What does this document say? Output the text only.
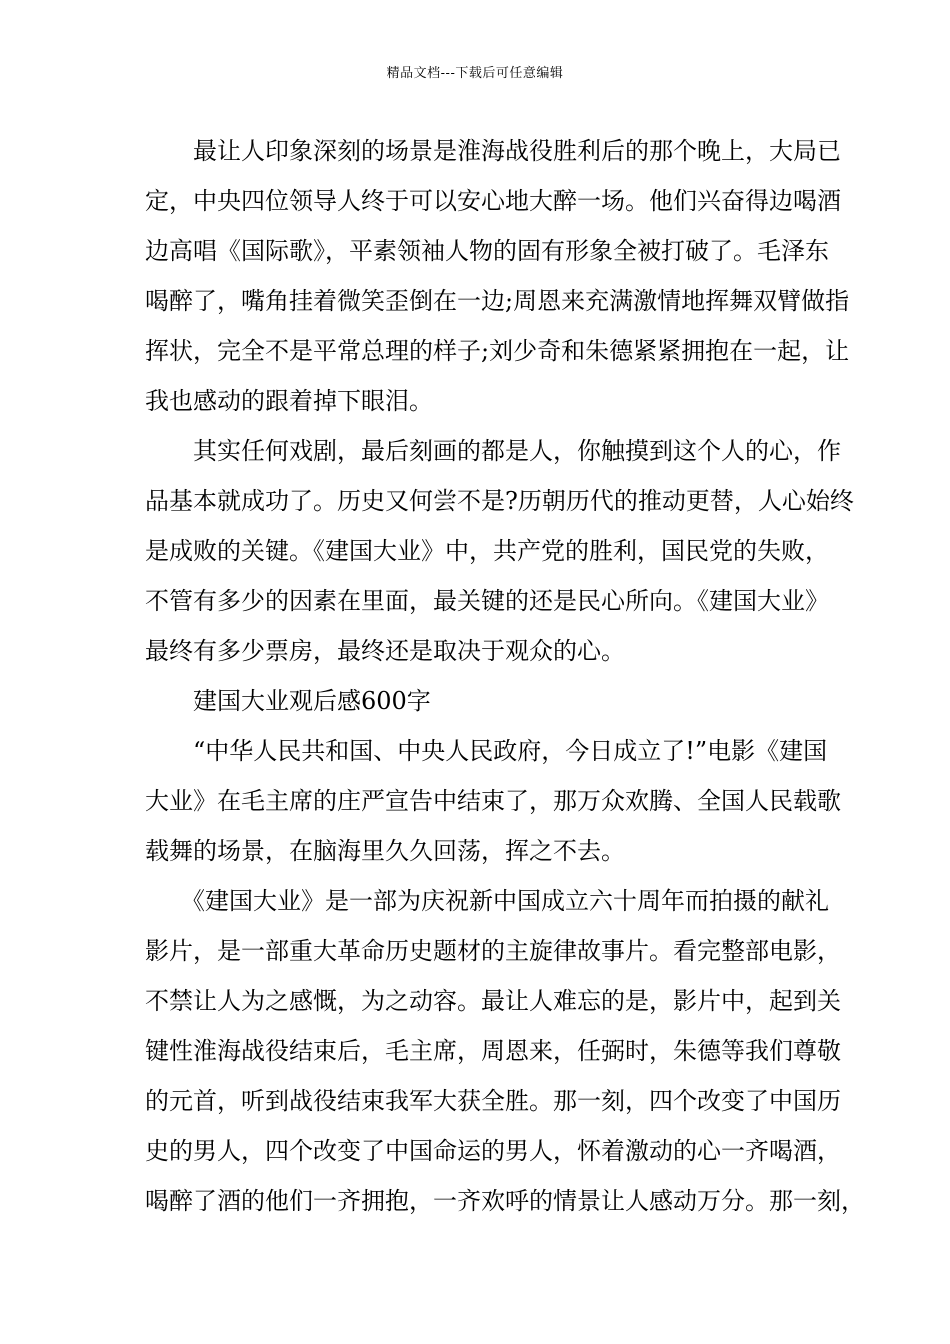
精品文档---下载后可任意编辑
　　最让人印象深刻的场景是淮海战役胜利后的那个晚上，大局已
定，中央四位领导人终于可以安心地大醉一场。他们兴奋得边喝酒
边高唱《国际歌》，平素领袖人物的固有形象全被打破了。毛泽东
喝醉了，嘴角挂着微笑歪倒在一边;周恩来充满激情地挥舞双臂做指
挥状，完全不是平常总理的样子;刘少奇和朱德紧紧拥抱在一起，让
我也感动的跟着掉下眼泪。
　　其实任何戏剧，最后刻画的都是人，你触摸到这个人的心，作
品基本就成功了。历史又何尝不是?历朝历代的推动更替，人心始终
是成败的关键。《建国大业》中，共产党的胜利，国民党的失败，
不管有多少的因素在里面，最关键的还是民心所向。《建国大业》
最终有多少票房，最终还是取决于观众的心。
　　建国大业观后感600字
　　“中华人民共和国、中央人民政府，今日成立了!”电影《建国
大业》在毛主席的庄严宣告中结束了，那万众欢腾、全国人民载歌
载舞的场景，在脑海里久久回荡，挥之不去。
　　《建国大业》是一部为庆祝新中国成立六十周年而拍摄的献礼
影片，是一部重大革命历史题材的主旋律故事片。看完整部电影，
不禁让人为之感慨，为之动容。最让人难忘的是，影片中，起到关
键性淮海战役结束后，毛主席，周恩来，任弼时，朱德等我们尊敬
的元首，听到战役结束我军大获全胜。那一刻，四个改变了中国历
史的男人，四个改变了中国命运的男人，怀着激动的心一齐喝酒，
喝醉了酒的他们一齐拥抱，一齐欢呼的情景让人感动万分。那一刻，
